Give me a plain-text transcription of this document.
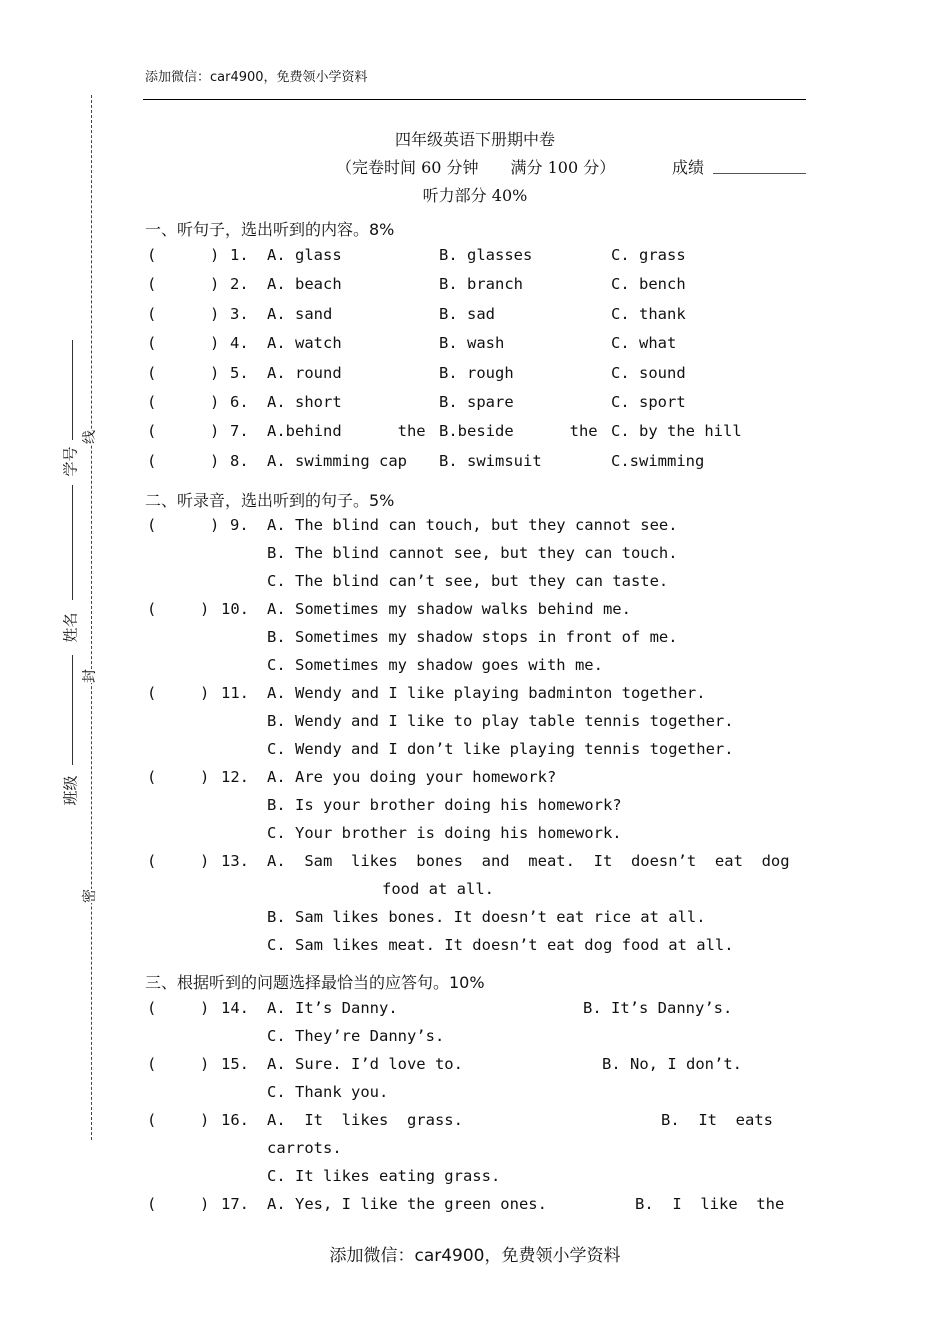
添加微信：car4900，免费领小学资料
线
封
密
学号
姓名
班级
四年级英语下册期中卷
（完卷时间 60 分钟　　满分 100 分）	成绩
听力部分 40%
一、听句子，选出听到的内容。8%
(	) 1. A. glass	B. glasses	C. grass
(	) 2. A. beach	B. branch	C. bench
(	) 3. A. sand	B. sad	C. thank
(	) 4. A. watch	B. wash	C. what
(	) 5. A. round	B. rough	C. sound
(	) 6. A. short	B. spare	C. sport
(	) 7. A.behind      the B.beside      the C. by the hill
(	) 8. A. swimming cap B. swimsuit	C.swimming
二、听录音，选出听到的句子。5%
(	) 9. A. The blind can touch, but they cannot see.
B. The blind cannot see, but they can touch.
C. The blind can’t see, but they can taste.
(	) 10. A. Sometimes my shadow walks behind me.
B. Sometimes my shadow stops in front of me.
C. Sometimes my shadow goes with me.
(	) 11. A. Wendy and I like playing badminton together.
B. Wendy and I like to play table tennis together.
C. Wendy and I don’t like playing tennis together.
(	) 12. A. Are you doing your homework?
B. Is your brother doing his homework?
C. Your brother is doing his homework.
(	) 13. A.  Sam  likes  bones  and  meat.  It  doesn’t  eat  dog
food at all.
B. Sam likes bones. It doesn’t eat rice at all.
C. Sam likes meat. It doesn’t eat dog food at all.
三、根据听到的问题选择最恰当的应答句。10%
(	) 14. A. It’s Danny.	B. It’s Danny’s.
C. They’re Danny’s.
(	) 15. A. Sure. I’d love to.	B. No, I don’t.
C. Thank you.
(	) 16. A.  It  likes  grass.	B.  It  eats
carrots.
C. It likes eating grass.
(	) 17. A. Yes, I like the green ones.	B.  I  like  the
添加微信：car4900，免费领小学资料
